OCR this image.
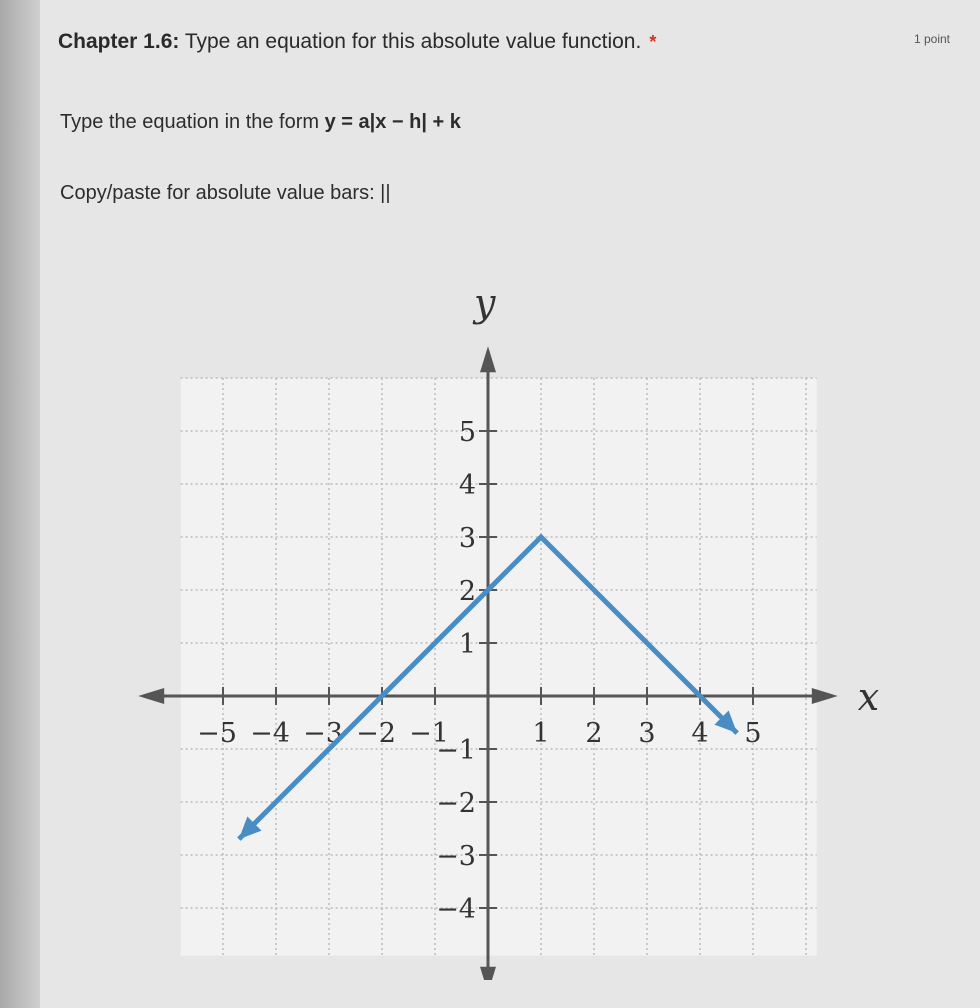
Chapter 1.6: Type an equation for this absolute value function. *	1 point
Type the equation in the form y = a|x − h| + k
Copy/paste for absolute value bars: ||
x
y
−5 −4 −3 −2 −1	1 2 3 4 5
−4
−3
−2
−1
1
2
3
4
5
